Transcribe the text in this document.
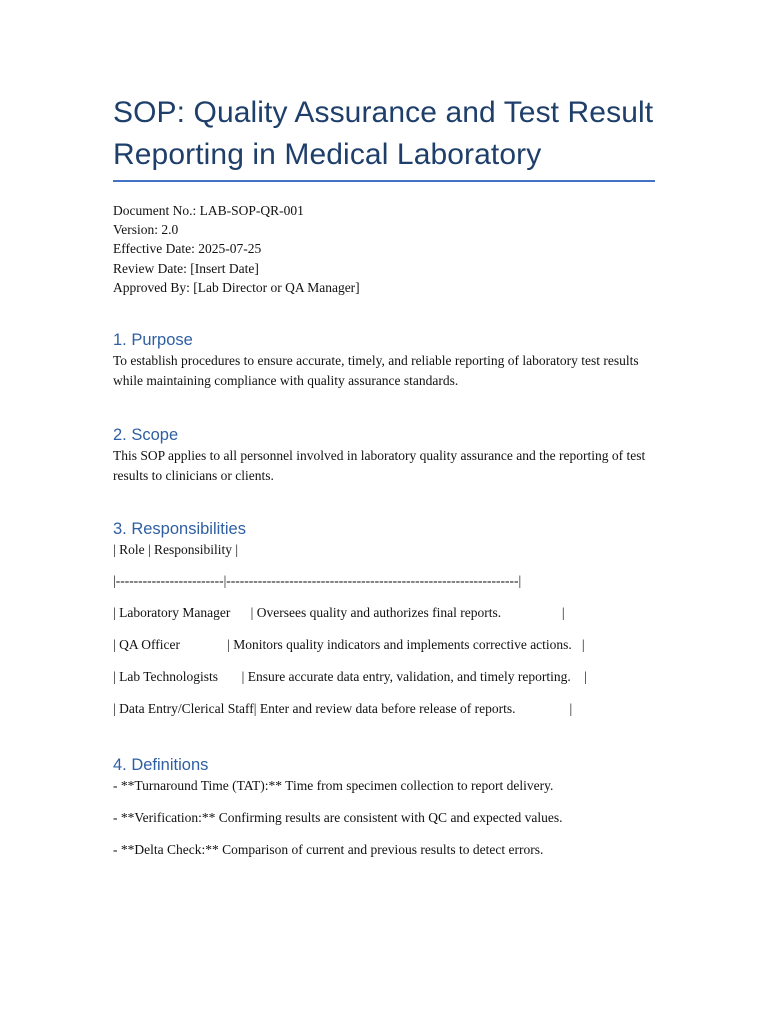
SOP: Quality Assurance and Test Result
Reporting in Medical Laboratory
Document No.: LAB-SOP-QR-001
Version: 2.0
Effective Date: 2025-07-25
Review Date: [Insert Date]
Approved By: [Lab Director or QA Manager]
1. Purpose

To establish procedures to ensure accurate, timely, and reliable reporting of laboratory test results while maintaining compliance with quality assurance standards.

2. Scope

This SOP applies to all personnel involved in laboratory quality assurance and the reporting of test results to clinicians or clients.

3. Responsibilities

| Role | Responsibility |

|------------------------|-----------------------------------------------------------------|

| Laboratory Manager      | Oversees quality and authorizes final reports.                  |

| QA Officer              | Monitors quality indicators and implements corrective actions.   |

| Lab Technologists       | Ensure accurate data entry, validation, and timely reporting.    |

| Data Entry/Clerical Staff| Enter and review data before release of reports.                |

4. Definitions

- **Turnaround Time (TAT):** Time from specimen collection to report delivery.

- **Verification:** Confirming results are consistent with QC and expected values.

- **Delta Check:** Comparison of current and previous results to detect errors.
